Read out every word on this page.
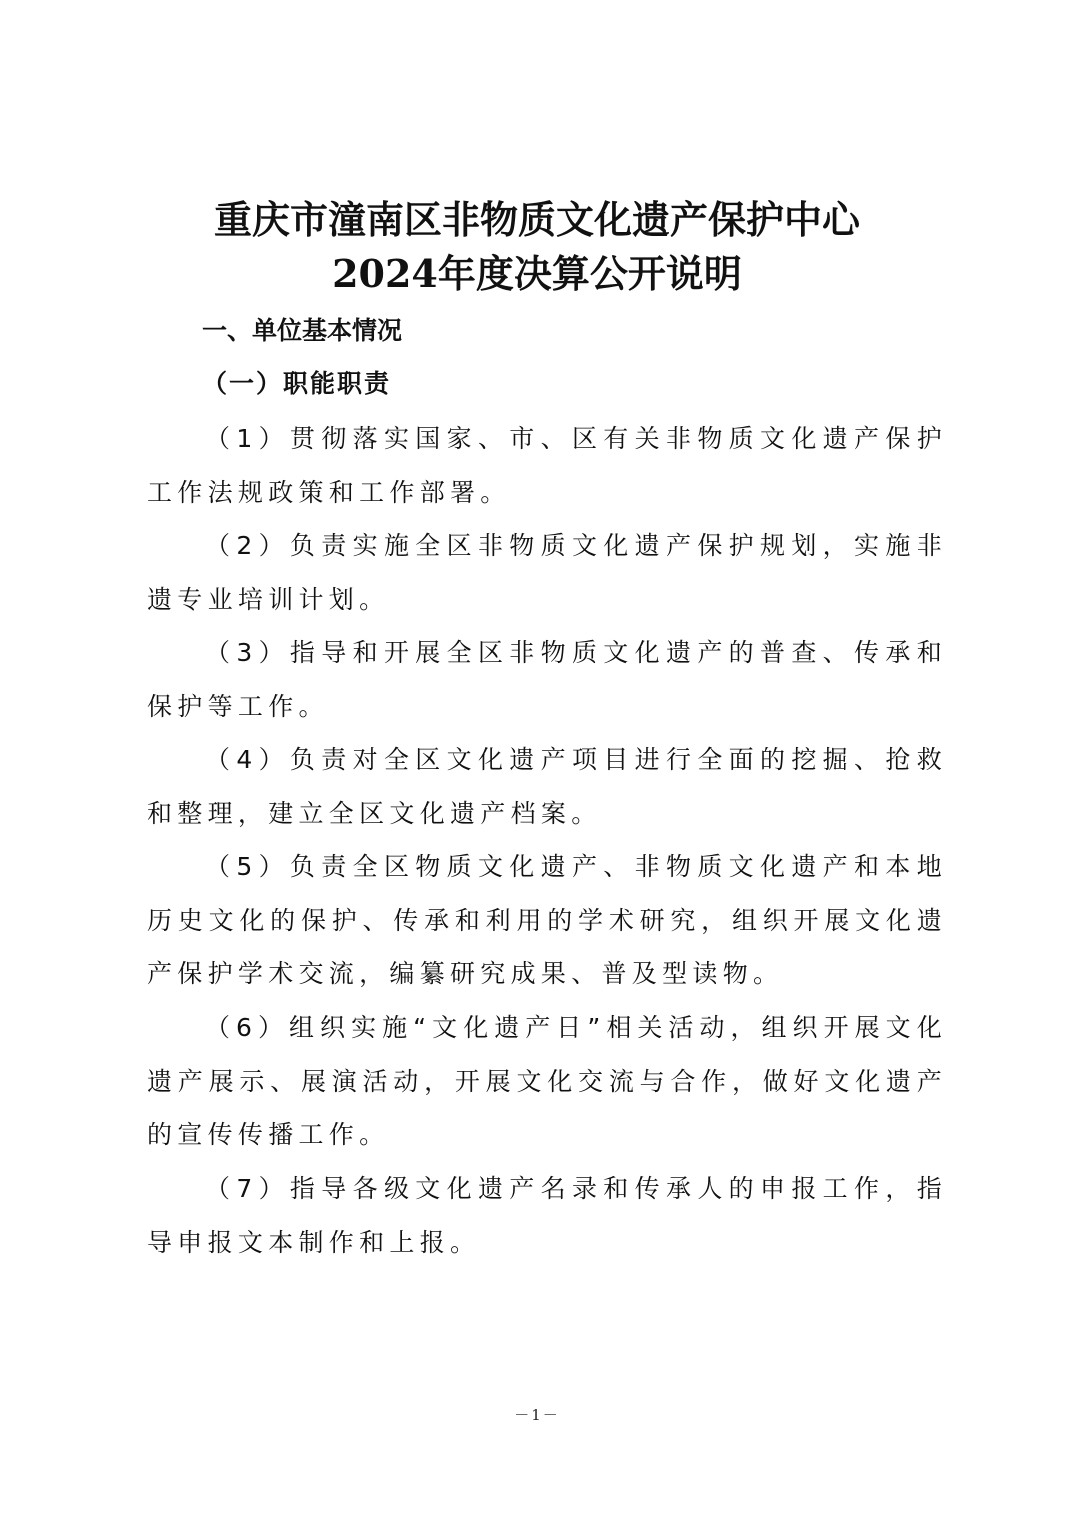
重庆市潼南区非物质文化遗产保护中心
2024年度决算公开说明
一、单位基本情况
（一）职能职责

（1）贯彻落实国家、市、区有关非物质文化遗产保护工作法规政策和工作部署。

（2）负责实施全区非物质文化遗产保护规划，实施非遗专业培训计划。

（3）指导和开展全区非物质文化遗产的普查、传承和保护等工作。

（4）负责对全区文化遗产项目进行全面的挖掘、抢救和整理，建立全区文化遗产档案。

（5）负责全区物质文化遗产、非物质文化遗产和本地历史文化的保护、传承和利用的学术研究，组织开展文化遗产保护学术交流，编纂研究成果、普及型读物。

（6）组织实施“文化遗产日”相关活动，组织开展文化遗产展示、展演活动，开展文化交流与合作，做好文化遗产的宣传传播工作。

（7）指导各级文化遗产名录和传承人的申报工作，指导申报文本制作和上报。

－1－
